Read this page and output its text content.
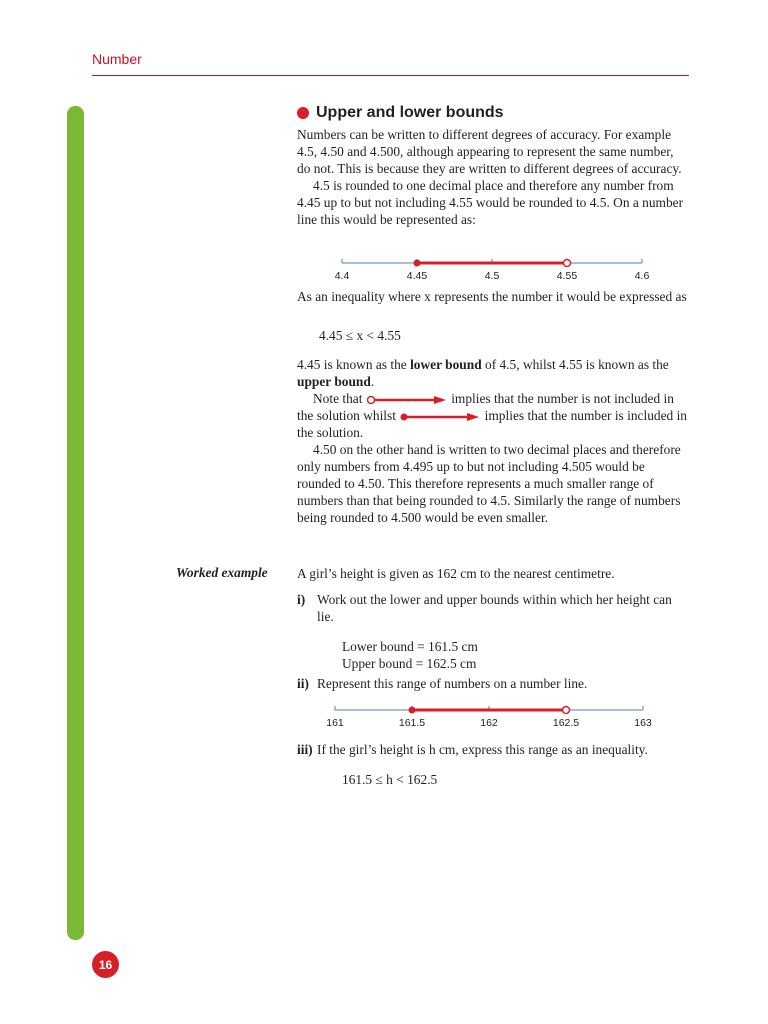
Number
16
Upper and lower bounds

Numbers can be written to different degrees of accuracy. For example 4.5, 4.50 and 4.500, although appearing to represent the same number, do not. This is because they are written to different degrees of accuracy.

4.5 is rounded to one decimal place and therefore any number from 4.45 up to but not including 4.55 would be rounded to 4.5. On a number line this would be represented as:

4.4	4.45	4.5	4.55	4.6

As an inequality where x represents the number it would be expressed as

4.45 ≤ x < 4.55

4.45 is known as the lower bound of 4.5, whilst 4.55 is known as the upper bound.

Note that	implies that the number is not included in the solution whilst	implies that the number is included in the solution.

4.50 on the other hand is written to two decimal places and therefore only numbers from 4.495 up to but not including 4.505 would be rounded to 4.50. This therefore represents a much smaller range of numbers than that being rounded to 4.5. Similarly the range of numbers being rounded to 4.500 would be even smaller.

Worked example A girl’s height is given as 162 cm to the nearest centimetre.

i) Work out the lower and upper bounds within which her height can lie.

Lower bound = 161.5 cm

Upper bound = 162.5 cm

ii) Represent this range of numbers on a number line.
161	161.5	162	162.5	163
iii) If the girl’s height is h cm, express this range as an inequality.

161.5 ≤ h < 162.5
